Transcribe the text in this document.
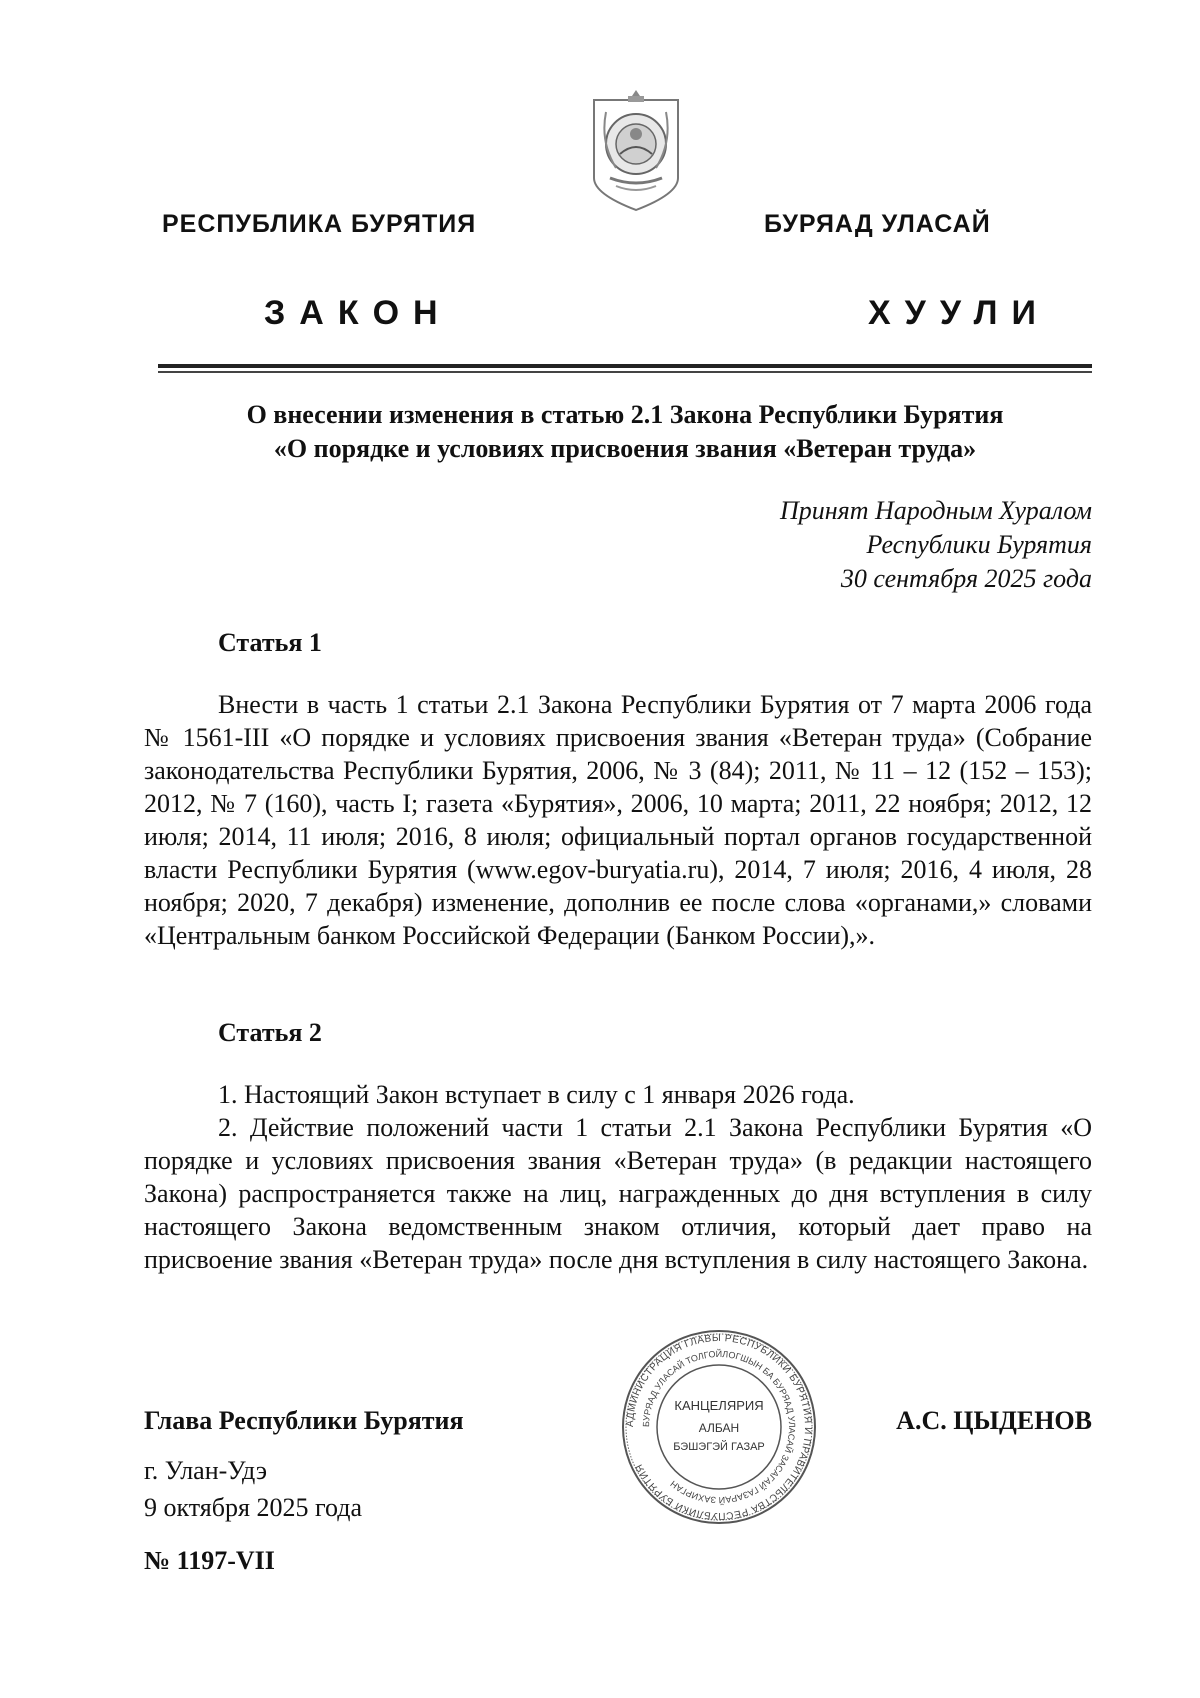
РЕСПУБЛИКА БУРЯТИЯ	БУРЯАД УЛАСАЙ
ЗАКОН	ХУУЛИ
О внесении изменения в статью 2.1 Закона Республики Бурятия
«О порядке и условиях присвоения звания «Ветеран труда»
Принят Народным Хуралом
Республики Бурятия
30 сентября 2025 года
Статья 1

Внести в часть 1 статьи 2.1 Закона Республики Бурятия от 7 марта 2006 года № 1561-III «О порядке и условиях присвоения звания «Ветеран труда» (Собрание законодательства Республики Бурятия, 2006, № 3 (84); 2011, № 11 – 12 (152 – 153); 2012, № 7 (160), часть I; газета «Бурятия», 2006, 10 марта; 2011, 22 ноября; 2012, 12 июля; 2014, 11 июля; 2016, 8 июля; официальный портал органов государственной власти Республики Бурятия (www.egov-buryatia.ru), 2014, 7 июля; 2016, 4 июля, 28 ноября; 2020, 7 декабря) изменение, дополнив ее после слова «органами,» словами «Центральным банком Российской Федерации (Банком России),».

Статья 2

1. Настоящий Закон вступает в силу с 1 января 2026 года.

2. Действие положений части 1 статьи 2.1 Закона Республики Бурятия «О порядке и условиях присвоения звания «Ветеран труда» (в редакции настоящего Закона) распространяется также на лиц, награжденных до дня вступления в силу настоящего Закона ведомственным знаком отличия, который дает право на присвоение звания «Ветеран труда» после дня вступления в силу настоящего Закона.

Глава Республики Бурятия	А.С. ЦЫДЕНОВ
г. Улан-Удэ
9 октября 2025 года
№ 1197-VII
АДМИНИСТРАЦИЯ ГЛАВЫ РЕСПУБЛИКИ БУРЯТИЯ И ПРАВИТЕЛЬСТВА РЕСПУБЛИКИ БУРЯТИЯ
БУРЯАД УЛАСАЙ ТОЛГОЙЛОГШЫН БА БУРЯАД УЛАСАЙ ЗАСАГАЙ ГАЗАРАЙ ЗАХИРГАН
КАНЦЕЛЯРИЯ
АЛБАН
БЭШЭГЭЙ ГАЗАР
